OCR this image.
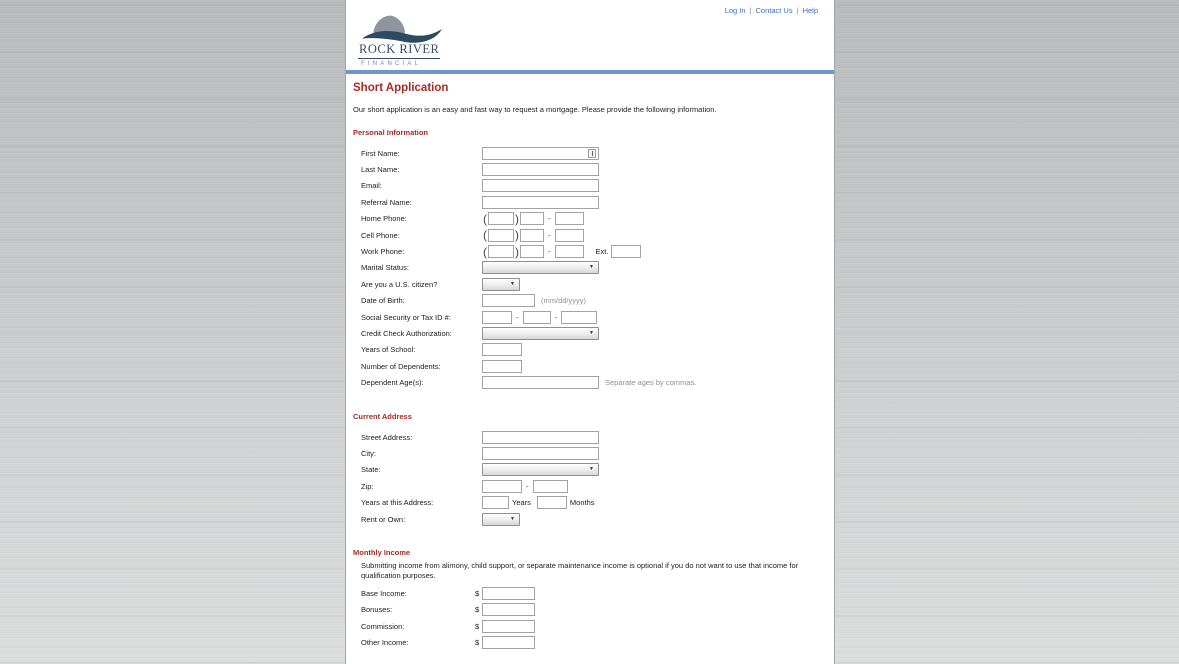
ROCK RIVER
FINANCIAL
Log In | Contact Us | Help
Short Application
Our short application is an easy and fast way to request a mortgage. Please provide the following information.
Personal Information
First Name:
Last Name:
Email:
Referral Name:
Home Phone:	( )	-
Cell Phone:	( )	-
Work Phone:	( )	-	Ext.
Marital Status:	▼
Are you a U.S. citizen?	▼
Date of Birth:	(mm/dd/yyyy)
Social Security or Tax ID #:	-	-
Credit Check Authorization:	▼
Years of School:
Number of Dependents:
Dependent Age(s):	Separate ages by commas.
Current Address
Street Address:
City:
State:	▼
Zip:	-
Years at this Address:	Years	Months
Rent or Own:	▼
Monthly Income
Submitting income from alimony, child support, or separate maintenance income is optional if you do not want to use that income for qualification purposes.
Base Income:	$
Bonuses:	$
Commission:	$
Other Income:	$
